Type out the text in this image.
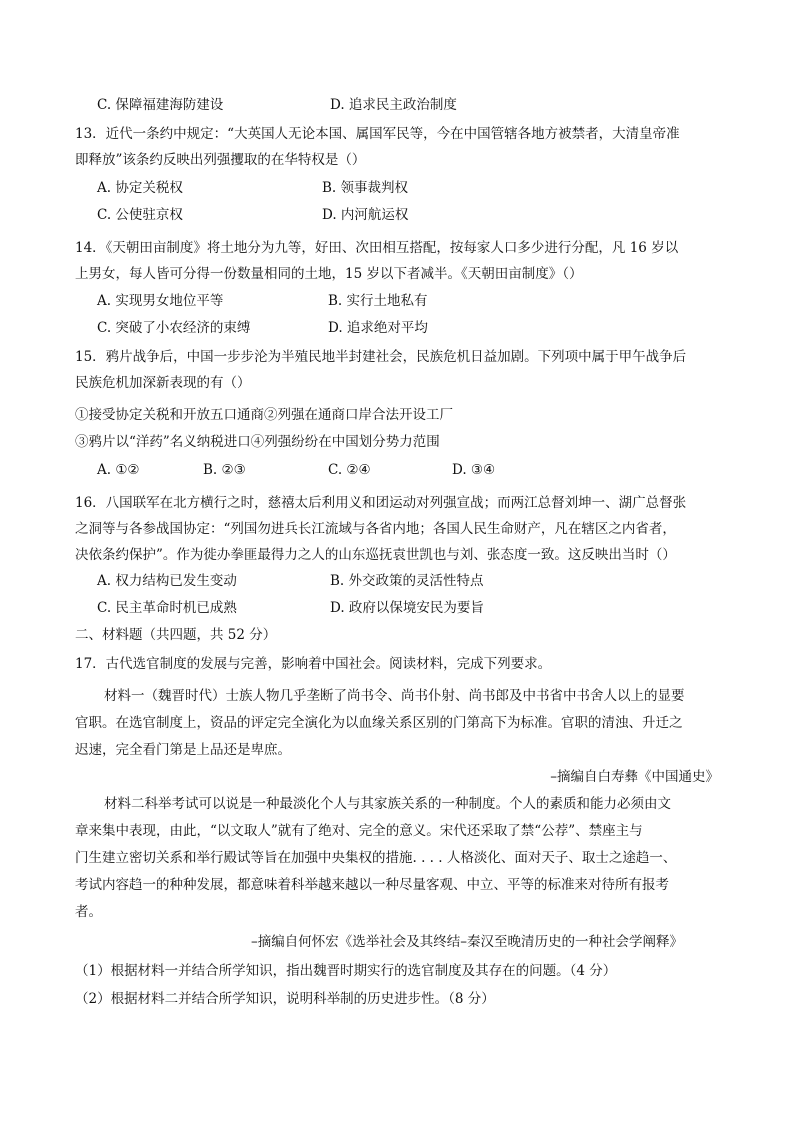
C. 保障福建海防建设	D. 追求民主政治制度
13．近代一条约中规定：“大英国人无论本国、属国军民等，今在中国管辖各地方被禁者，大清皇帝准
即释放”该条约反映出列强攫取的在华特权是（）
A. 协定关税权	B. 领事裁判权
C. 公使驻京权	D. 内河航运权
14．《天朝田亩制度》将土地分为九等，好田、次田相互搭配，按每家人口多少进行分配，凡 16 岁以
上男女，每人皆可分得一份数量相同的土地，15 岁以下者减半。《天朝田亩制度》（）
A. 实现男女地位平等	B. 实行土地私有
C. 突破了小农经济的束缚	D. 追求绝对平均
15．鸦片战争后，中国一步步沦为半殖民地半封建社会，民族危机日益加剧。下列项中属于甲午战争后
民族危机加深新表现的有（）
①接受协定关税和开放五口通商②列强在通商口岸合法开设工厂
③鸦片以“洋药”名义纳税进口④列强纷纷在中国划分势力范围
A. ①②	B. ②③	C. ②④	D. ③④
16．八国联军在北方横行之时，慈禧太后利用义和团运动对列强宣战；而两江总督刘坤一、湖广总督张
之洞等与各参战国协定：“列国勿进兵长江流域与各省内地；各国人民生命财产，凡在辖区之内省者，
决依条约保护”。作为徙办拳匪最得力之人的山东巡抚袁世凯也与刘、张态度一致。这反映出当时（）
A. 权力结构已发生变动	B. 外交政策的灵活性特点
C. 民主革命时机已成熟	D. 政府以保境安民为要旨
二、材料题（共四题，共 52 分）
17．古代选官制度的发展与完善，影响着中国社会。阅读材料，完成下列要求。
材料一（魏晋时代）士族人物几乎垄断了尚书令、尚书仆射、尚书郎及中书省中书舍人以上的显要
官职。在选官制度上，资品的评定完全演化为以血缘关系区别的门第高下为标准。官职的清浊、升迁之
迟速，完全看门第是上品还是卑庶。
–摘编自白寿彝《中国通史》
材料二科举考试可以说是一种最淡化个人与其家族关系的一种制度。个人的素质和能力必须由文
章来集中表现，由此，“以文取人”就有了绝对、完全的意义。宋代还采取了禁“公荐”、禁座主与
门生建立密切关系和举行殿试等旨在加强中央集权的措施. . . . 人格淡化、面对天子、取士之途趋一、
考试内容趋一的种种发展，都意味着科举越来越以一种尽量客观、中立、平等的标准来对待所有报考
者。
–摘编自何怀宏《选举社会及其终结–秦汉至晚清历史的一种社会学阐释》
（1）根据材料一并结合所学知识，指出魏晋时期实行的选官制度及其存在的问题。（4 分）
（2）根据材料二并结合所学知识，说明科举制的历史进步性。（8 分）
